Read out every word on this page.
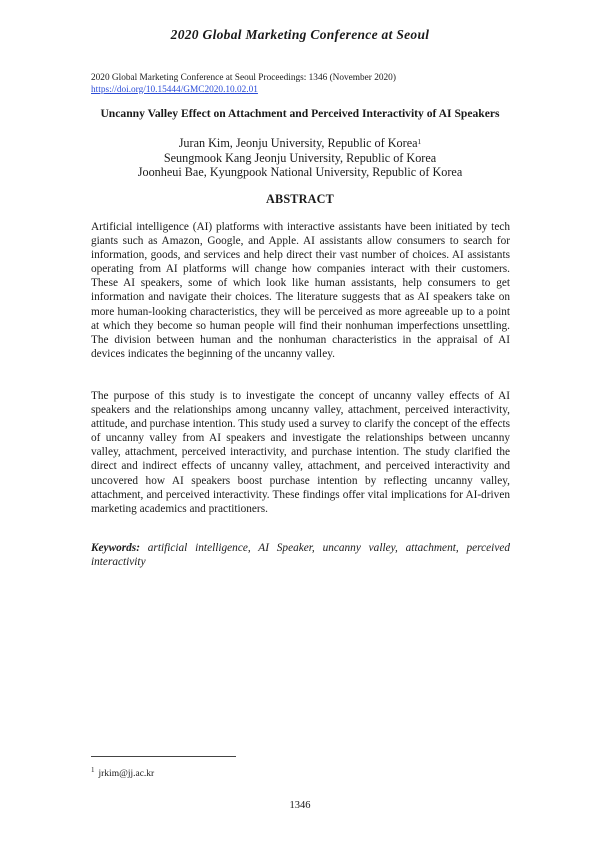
2020 Global Marketing Conference at Seoul
2020 Global Marketing Conference at Seoul Proceedings: 1346 (November 2020)
https://doi.org/10.15444/GMC2020.10.02.01
Uncanny Valley Effect on Attachment and Perceived Interactivity of AI Speakers
Juran Kim, Jeonju University, Republic of Korea$^1$
Seungmook Kang Jeonju University, Republic of Korea
Joonheui Bae, Kyungpook National University, Republic of Korea
ABSTRACT
Artificial intelligence (AI) platforms with interactive assistants have been initiated by tech giants such as Amazon, Google, and Apple. AI assistants allow consumers to search for information, goods, and services and help direct their vast number of choices. AI assistants operating from AI platforms will change how companies interact with their customers. These AI speakers, some of which look like human assistants, help consumers to get information and navigate their choices. The literature suggests that as AI speakers take on more human-looking characteristics, they will be perceived as more agreeable up to a point at which they become so human people will find their nonhuman imperfections unsettling. The division between human and the nonhuman characteristics in the appraisal of AI devices indicates the beginning of the uncanny valley.
The purpose of this study is to investigate the concept of uncanny valley effects of AI speakers and the relationships among uncanny valley, attachment, perceived interactivity, attitude, and purchase intention. This study used a survey to clarify the concept of the effects of uncanny valley from AI speakers and investigate the relationships between uncanny valley, attachment, perceived interactivity, and purchase intention. The study clarified the direct and indirect effects of uncanny valley, attachment, and perceived interactivity and uncovered how AI speakers boost purchase intention by reflecting uncanny valley, attachment, and perceived interactivity. These findings offer vital implications for AI-driven marketing academics and practitioners.
Keywords: artificial intelligence, AI Speaker, uncanny valley, attachment, perceived interactivity
$^1$ jrkim@jj.ac.kr
1346
